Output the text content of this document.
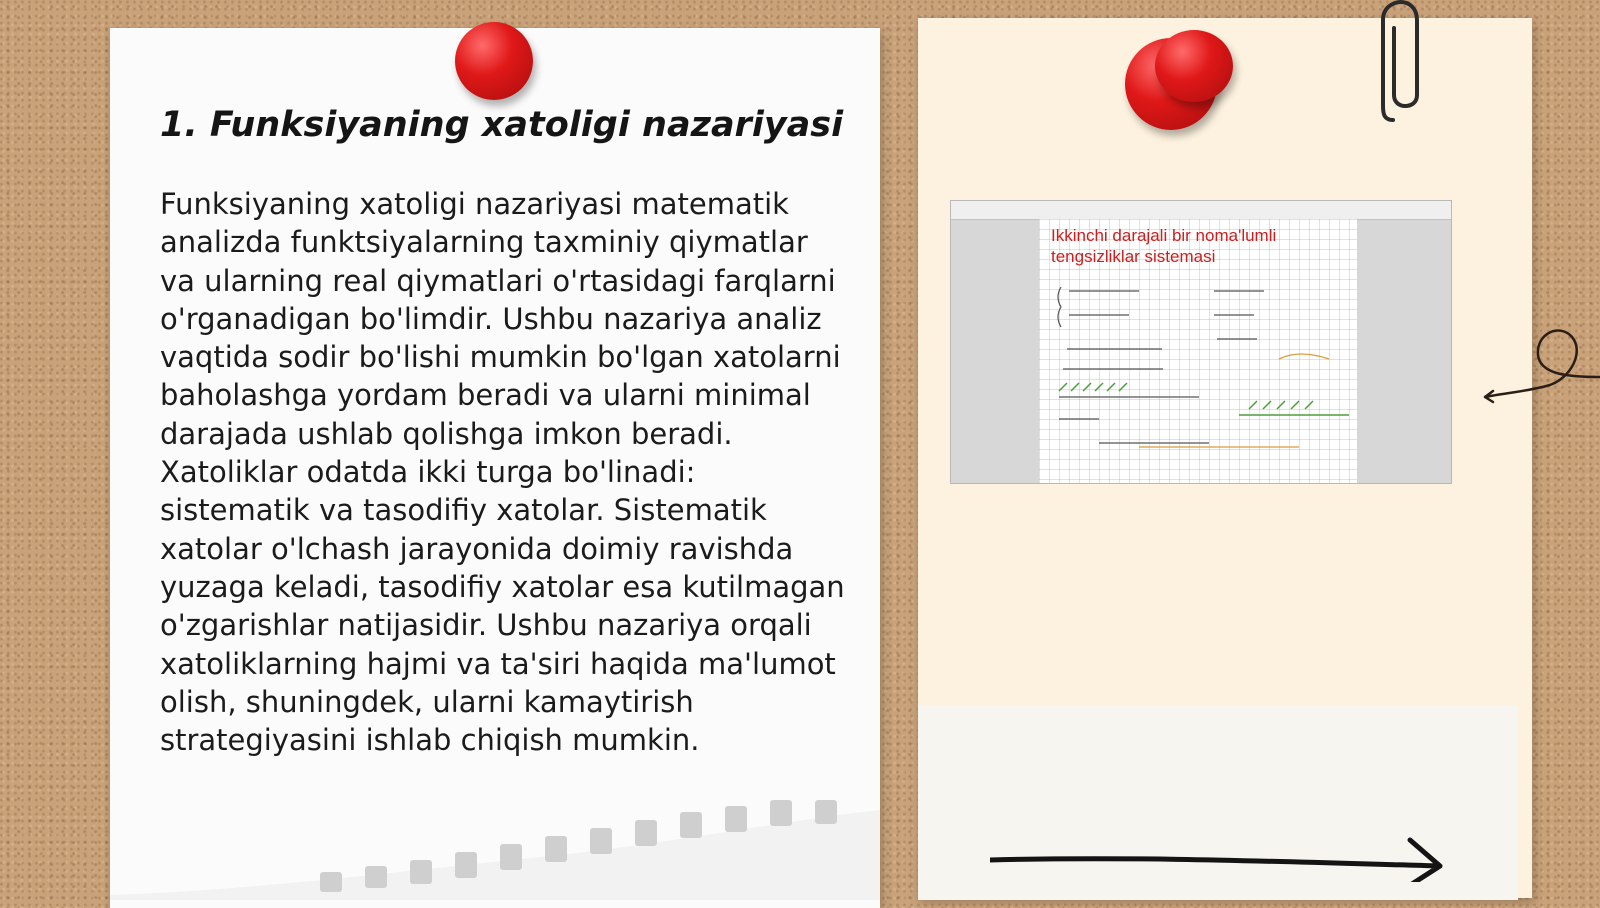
1. Funksiyaning xatoligi nazariyasi

Funksiyaning xatoligi nazariyasi matematik analizda funktsiyalarning taxminiy qiymatlar va ularning real qiymatlari o'rtasidagi farqlarni o'rganadigan bo'limdir. Ushbu nazariya analiz vaqtida sodir bo'lishi mumkin bo'lgan xatolarni baholashga yordam beradi va ularni minimal darajada ushlab qolishga imkon beradi. Xatoliklar odatda ikki turga bo'linadi: sistematik va tasodifiy xatolar. Sistematik xatolar o'lchash jarayonida doimiy ravishda yuzaga keladi, tasodifiy xatolar esa kutilmagan o'zgarishlar natijasidir. Ushbu nazariya orqali xatoliklarning hajmi va ta'siri haqida ma'lumot olish, shuningdek, ularni kamaytirish strategiyasini ishlab chiqish mumkin.

Ikkinchi darajali bir noma'lumli tengsizliklar sistemasi
